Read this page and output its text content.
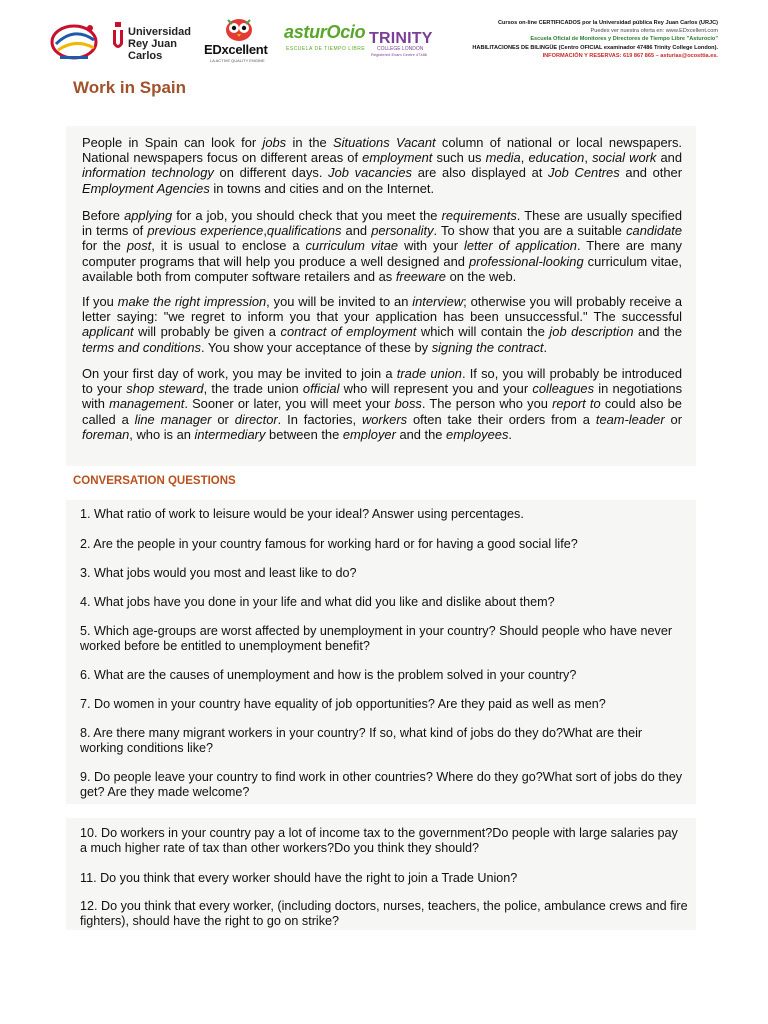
Universidad
Rey Juan Carlos	EDxcellent
LA ACTIVE QUALITY ENGINE
asturOcio
ESCUELA DE TIEMPO LIBRE
TRINITY
COLLEGE LONDON
Registered Exam Centre 47486
Cursos on-line CERTIFICADOS por la Universidad pública Rey Juan Carlos (URJC)
Puedes ver nuestra oferta en: www.EDxcellent.com
Escuela Oficial de Monitores y Directores de Tiempo Libre "Asturocio"
HABILITACIONES DE BILINGÜE (Centro OFICIAL examinador 47486 Trinity College London).
INFORMACIÓN Y RESERVAS: 619 867 865 – asturias@ocosttia.es.
Work in Spain
People in Spain can look for jobs in the Situations Vacant column of national or local newspapers. National newspapers focus on different areas of employment such us media, education, social work and information technology on different days. Job vacancies are also displayed at Job Centres and other Employment Agencies in towns and cities and on the Internet.
Before applying for a job, you should check that you meet the requirements. These are usually specified in terms of previous experience,qualifications and personality. To show that you are a suitable candidate for the post, it is usual to enclose a curriculum vitae with your letter of application. There are many computer programs that will help you produce a well designed and professional-looking curriculum vitae, available both from computer software retailers and as freeware on the web.
If you make the right impression, you will be invited to an interview; otherwise you will probably receive a letter saying: "we regret to inform you that your application has been unsuccessful." The successful applicant will probably be given a contract of employment which will contain the job description and the terms and conditions. You show your acceptance of these by signing the contract.
On your first day of work, you may be invited to join a trade union. If so, you will probably be introduced to your shop steward, the trade union official who will represent you and your colleagues in negotiations with management. Sooner or later, you will meet your boss. The person who you report to could also be called a line manager or director. In factories, workers often take their orders from a team-leader or foreman, who is an intermediary between the employer and the employees.
CONVERSATION QUESTIONS
1. What ratio of work to leisure would be your ideal? Answer using percentages.
2. Are the people in your country famous for working hard or for having a good social life?
3. What jobs would you most and least like to do?
4. What jobs have you done in your life and what did you like and dislike about them?
5. Which age-groups are worst affected by unemployment in your country? Should people who have never worked before be entitled to unemployment benefit?
6. What are the causes of unemployment and how is the problem solved in your country?
7. Do women in your country have equality of job opportunities? Are they paid as well as men?
8. Are there many migrant workers in your country? If so, what kind of jobs do they do?What are their working conditions like?
9. Do people leave your country to find work in other countries? Where do they go?What sort of jobs do they get? Are they made welcome?
10. Do workers in your country pay a lot of income tax to the government?Do people with large salaries pay a much higher rate of tax than other workers?Do you think they should?
11. Do you think that every worker should have the right to join a Trade Union?
12. Do you think that every worker, (including doctors, nurses, teachers, the police, ambulance crews and fire fighters), should have the right to go on strike?
